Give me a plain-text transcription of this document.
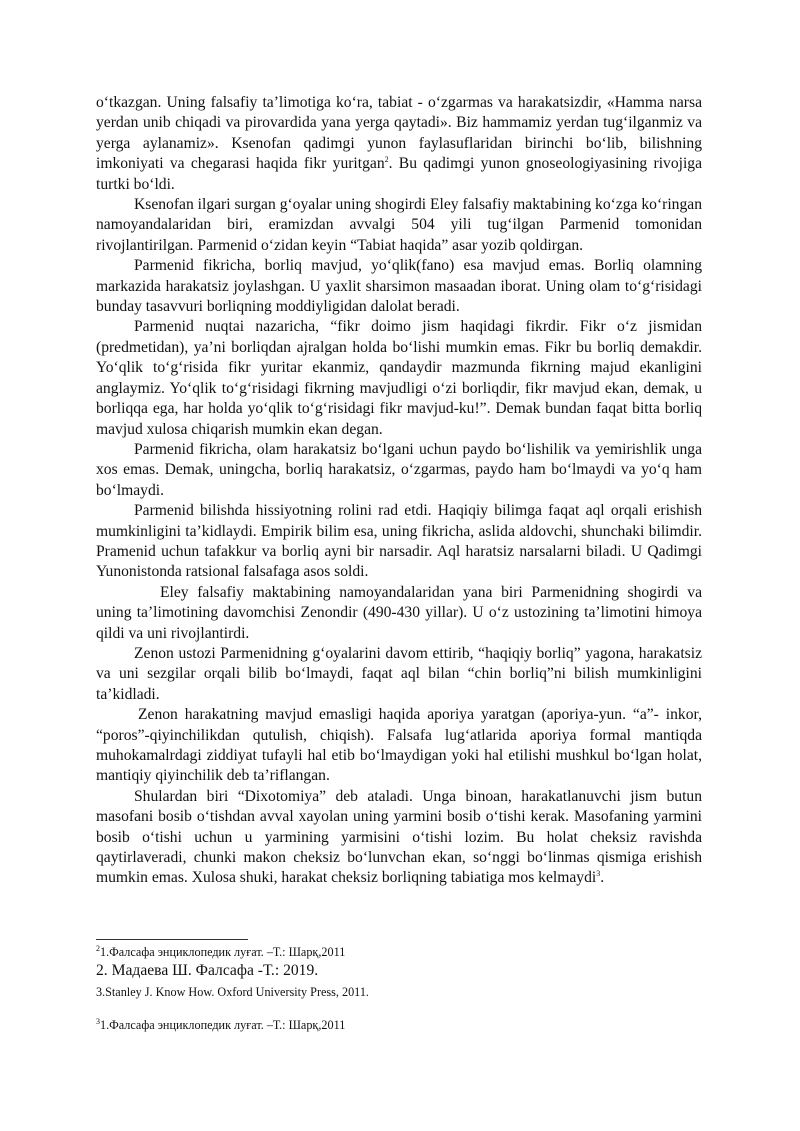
o‘tkazgan. Uning falsafiy ta’limotiga ko‘ra, tabiat - o‘zgarmas va harakatsizdir, «Hamma narsa yerdan unib chiqadi va pirovardida yana yerga qaytadi». Biz hammamiz yerdan tug‘ilganmiz va yerga aylanamiz». Ksenofan qadimgi yunon faylasuflaridan birinchi bo‘lib, bilishning imkoniyati va chegarasi haqida fikr yuritgan$^2$. Bu qadimgi yunon gnoseologiyasining rivojiga turtki bo‘ldi.

Ksenofan ilgari surgan g‘oyalar uning shogirdi Eley falsafiy maktabining ko‘zga ko‘ringan namoyandalaridan biri, eramizdan avvalgi 504 yili tug‘ilgan Parmenid tomonidan rivojlantirilgan. Parmenid o‘zidan keyin “Tabiat haqida” asar yozib qoldirgan.

Parmenid fikricha, borliq mavjud, yo‘qlik(fano) esa mavjud emas. Borliq olamning markazida harakatsiz joylashgan. U yaxlit sharsimon masaadan iborat. Uning olam to‘g‘risidagi bunday tasavvuri borliqning moddiyligidan dalolat beradi.

Parmenid nuqtai nazaricha, “fikr doimo jism haqidagi fikrdir. Fikr o‘z jismidan (predmetidan), ya’ni borliqdan ajralgan holda bo‘lishi mumkin emas. Fikr bu borliq demakdir. Yo‘qlik to‘g‘risida fikr yuritar ekanmiz, qandaydir mazmunda fikrning majud ekanligini anglaymiz. Yo‘qlik to‘g‘risidagi fikrning mavjudligi o‘zi borliqdir, fikr mavjud ekan, demak, u borliqqa ega, har holda yo‘qlik to‘g‘risidagi fikr mavjud-ku!”. Demak bundan faqat bitta borliq mavjud xulosa chiqarish mumkin ekan degan.

Parmenid fikricha, olam harakatsiz bo‘lgani uchun paydo bo‘lishilik va yemirishlik unga xos emas. Demak, uningcha, borliq harakatsiz, o‘zgarmas, paydo ham bo‘lmaydi va yo‘q ham bo‘lmaydi.

Parmenid bilishda hissiyotning rolini rad etdi. Haqiqiy bilimga faqat aql orqali erishish mumkinligini ta’kidlaydi. Empirik bilim esa, uning fikricha, aslida aldovchi, shunchaki bilimdir. Pramenid uchun tafakkur va borliq ayni bir narsadir. Aql haratsiz narsalarni biladi. U Qadimgi Yunonistonda ratsional falsafaga asos soldi.

Eley falsafiy maktabining namoyandalaridan yana biri Parmenidning shogirdi va uning ta’limotining davomchisi Zenondir (490-430 yillar). U o‘z ustozining ta’limotini himoya qildi va uni rivojlantirdi.

Zenon ustozi Parmenidning g‘oyalarini davom ettirib, “haqiqiy borliq” yagona, harakatsiz va uni sezgilar orqali bilib bo‘lmaydi, faqat aql bilan “chin borliq”ni bilish mumkinligini ta’kidladi.

Zenon harakatning mavjud emasligi haqida aporiya yaratgan (aporiya-yun. “a”- inkor, “poros”-qiyinchilikdan qutulish, chiqish). Falsafa lug‘atlarida aporiya formal mantiqda muhokamalrdagi ziddiyat tufayli hal etib bo‘lmaydigan yoki hal etilishi mushkul bo‘lgan holat, mantiqiy qiyinchilik deb ta’riflangan.

Shulardan biri “Dixotomiya” deb ataladi. Unga binoan, harakatlanuvchi jism butun masofani bosib o‘tishdan avval xayolan uning yarmini bosib o‘tishi kerak. Masofaning yarmini bosib o‘tishi uchun u yarmining yarmisini o‘tishi lozim. Bu holat cheksiz ravishda qaytirlaveradi, chunki makon cheksiz bo‘lunvchan ekan, so‘nggi bo‘linmas qismiga erishish mumkin emas. Xulosa shuki, harakat cheksiz borliqning tabiatiga mos kelmaydi$^3$.

$^2$1.Фалсафа энциклопедик луғат. –Т.: Шарқ,2011
2. Мадаева Ш. Фалсафа -Т.: 2019.
3.Stanley J. Know How. Oxford University Press, 2011.
$^3$1.Фалсафа энциклопедик луғат. –Т.: Шарқ,2011
